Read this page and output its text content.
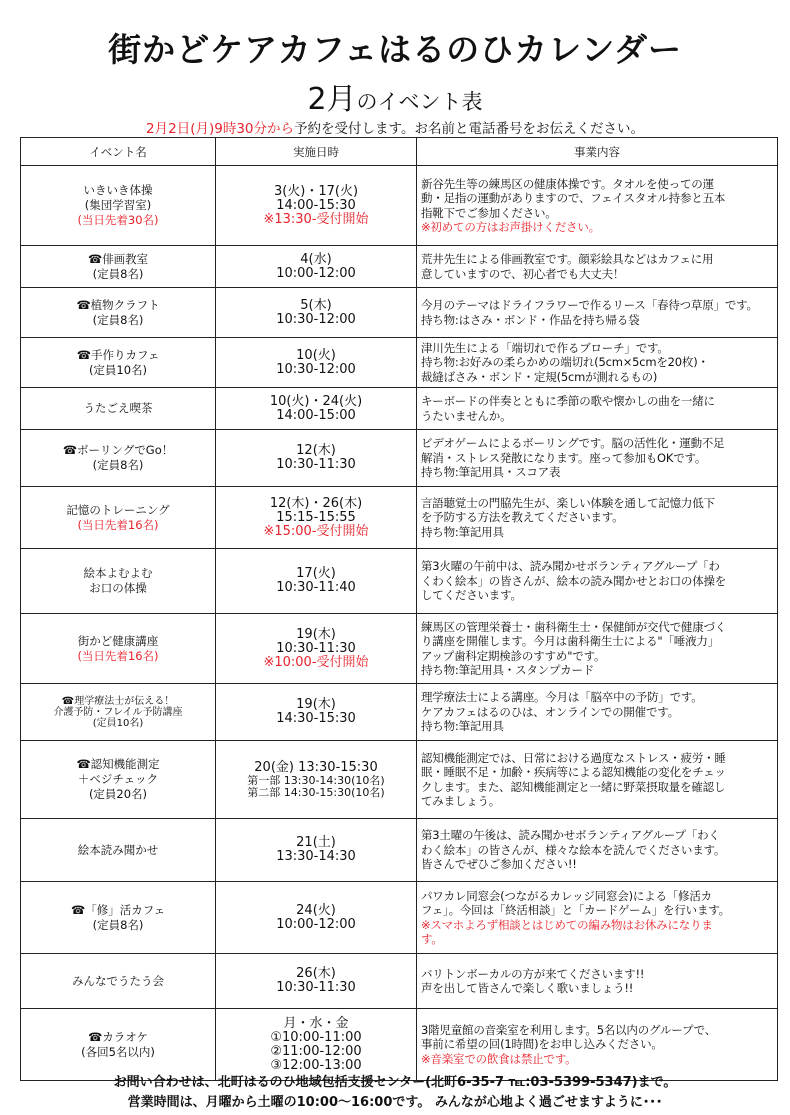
街かどケアカフェはるのひカレンダー
2月のイベント表
2月2日(月)9時30分から予約を受付します。お名前と電話番号をお伝えください。
イベント名	実施日時	事業内容

いきいき体操
(集団学習室)
(当日先着30名)	3(火)・17(火)
14:00-15:30
※13:30-受付開始	新谷先生等の練馬区の健康体操です。タオルを使っての運
動・足指の運動がありますので、フェイスタオル持参と五本
指靴下でご参加ください。
※初めての方はお声掛けください。

☎俳画教室
(定員8名)	4(水)
10:00-12:00	荒井先生による俳画教室です。顔彩絵具などはカフェに用
意していますので、初心者でも大丈夫！

☎植物クラフト
(定員8名)	5(木)
10:30-12:00	今月のテーマはドライフラワーで作るリース「春待つ草原」です。
持ち物:はさみ・ボンド・作品を持ち帰る袋

☎手作りカフェ
(定員10名)	10(火)
10:30-12:00	津川先生による「端切れで作るブローチ」です。
持ち物:お好みの柔らかめの端切れ(5cm×5cmを20枚)・
裁縫ばさみ・ボンド・定規(5cmが測れるもの)

うたごえ喫茶	10(火)・24(火)
14:00-15:00	キーボードの伴奏とともに季節の歌や懐かしの曲を一緒に
うたいませんか。

☎ボーリングでGo！
(定員8名)	12(木)
10:30-11:30	ビデオゲームによるボーリングです。脳の活性化・運動不足
解消・ストレス発散になります。座って参加もOKです。
持ち物:筆記用具・スコア表

記憶のトレーニング
(当日先着16名)	12(木)・26(木)
15:15-15:55
※15:00-受付開始	言語聴覚士の門脇先生が、楽しい体験を通して記憶力低下
を予防する方法を教えてくださいます。
持ち物:筆記用具

絵本よむよむ
お口の体操	17(火)
10:30-11:40	第3火曜の午前中は、読み聞かせボランティアグループ「わ
くわく絵本」の皆さんが、絵本の読み聞かせとお口の体操を
してくださいます。

街かど健康講座
(当日先着16名)	19(木)
10:30-11:30
※10:00-受付開始	練馬区の管理栄養士・歯科衛生士・保健師が交代で健康づく
り講座を開催します。今月は歯科衛生士による"「唾液力」
アップ歯科定期検診のすすめ"です。
持ち物:筆記用具・スタンプカード

☎理学療法士が伝える！
介護予防・フレイル予防講座
(定員10名)	19(木)
14:30-15:30	理学療法士による講座。今月は「脳卒中の予防」です。
ケアカフェはるのひは、オンラインでの開催です。
持ち物:筆記用具

☎認知機能測定
＋ベジチェック
(定員20名)	20(金) 13:30-15:30
第一部 13:30-14:30(10名)
第二部 14:30-15:30(10名)	認知機能測定では、日常における過度なストレス・疲労・睡
眠・睡眠不足・加齢・疾病等による認知機能の変化をチェッ
クします。また、認知機能測定と一緒に野菜摂取量を確認し
てみましょう。

絵本読み聞かせ	21(土)
13:30-14:30	第3土曜の午後は、読み聞かせボランティアグループ「わく
わく絵本」の皆さんが、様々な絵本を読んでくださいます。
皆さんでぜひご参加ください!!

☎「修」活カフェ
(定員8名)	24(火)
10:00-12:00	パワカレ同窓会(つながるカレッジ同窓会)による「修活カ
フェ」。今回は「終活相談」と「カードゲーム」を行います。
※スマホよろず相談とはじめての編み物はお休みになりま
す。

みんなでうたう会	26(木)
10:30-11:30	バリトンボーカルの方が来てくださいます!!
声を出して皆さんで楽しく歌いましょう!!

☎カラオケ
(各回5名以内)	月・水・金
①10:00-11:00
②11:00-12:00
③12:00-13:00	3階児童館の音楽室を利用します。5名以内のグループで、
事前に希望の回(1時間)をお申し込みください。
※音楽室での飲食は禁止です。
お問い合わせは、北町はるのひ地域包括支援センター(北町6-35-7 ℡:03-5399-5347)まで。
営業時間は、月曜から土曜の10:00～16:00です。 みんなが心地よく過ごせますように･･･
